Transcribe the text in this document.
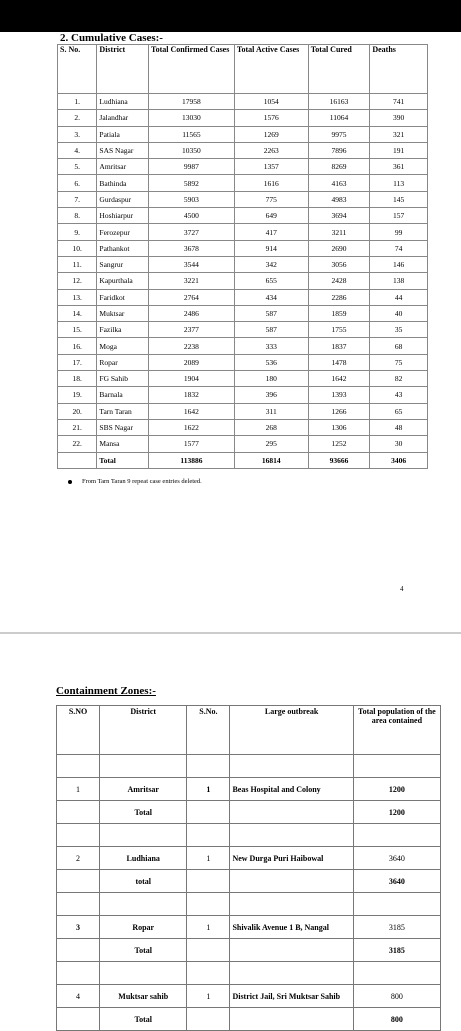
2. Cumulative Cases:-
S. No.	District	Total Confirmed Cases	Total Active Cases	Total Cured	Deaths
1.	Ludhiana	17958	1054	16163	741
2.	Jalandhar	13030	1576	11064	390
3.	Patiala	11565	1269	9975	321
4.	SAS Nagar	10350	2263	7896	191
5.	Amritsar	9987	1357	8269	361
6.	Bathinda	5892	1616	4163	113
7.	Gurdaspur	5903	775	4983	145
8.	Hoshiarpur	4500	649	3694	157
9.	Ferozepur	3727	417	3211	99
10.	Pathankot	3678	914	2690	74
11.	Sangrur	3544	342	3056	146
12.	Kapurthala	3221	655	2428	138
13.	Faridkot	2764	434	2286	44
14.	Muktsar	2486	587	1859	40
15.	Fazilka	2377	587	1755	35
16.	Moga	2238	333	1837	68
17.	Ropar	2089	536	1478	75
18.	FG Sahib	1904	180	1642	82
19.	Barnala	1832	396	1393	43
20.	Tarn Taran	1642	311	1266	65
21.	SBS Nagar	1622	268	1306	48
22.	Mansa	1577	295	1252	30
	Total	113886	16814	93666	3406
From Tarn Taran 9 repeat case entries deleted.
4
Containment Zones:-
S.NO	District	S.No.	Large outbreak	Total population of the area contained

1	Amritsar	1	Beas Hospital and Colony	1200
	Total			1200

2	Ludhiana	1	New Durga Puri Haibowal	3640
	total			3640

3	Ropar	1	Shivalik Avenue 1 B, Nangal	3185
	Total			3185

4	Muktsar sahib	1	District Jail, Sri Muktsar Sahib	800
	Total			800
